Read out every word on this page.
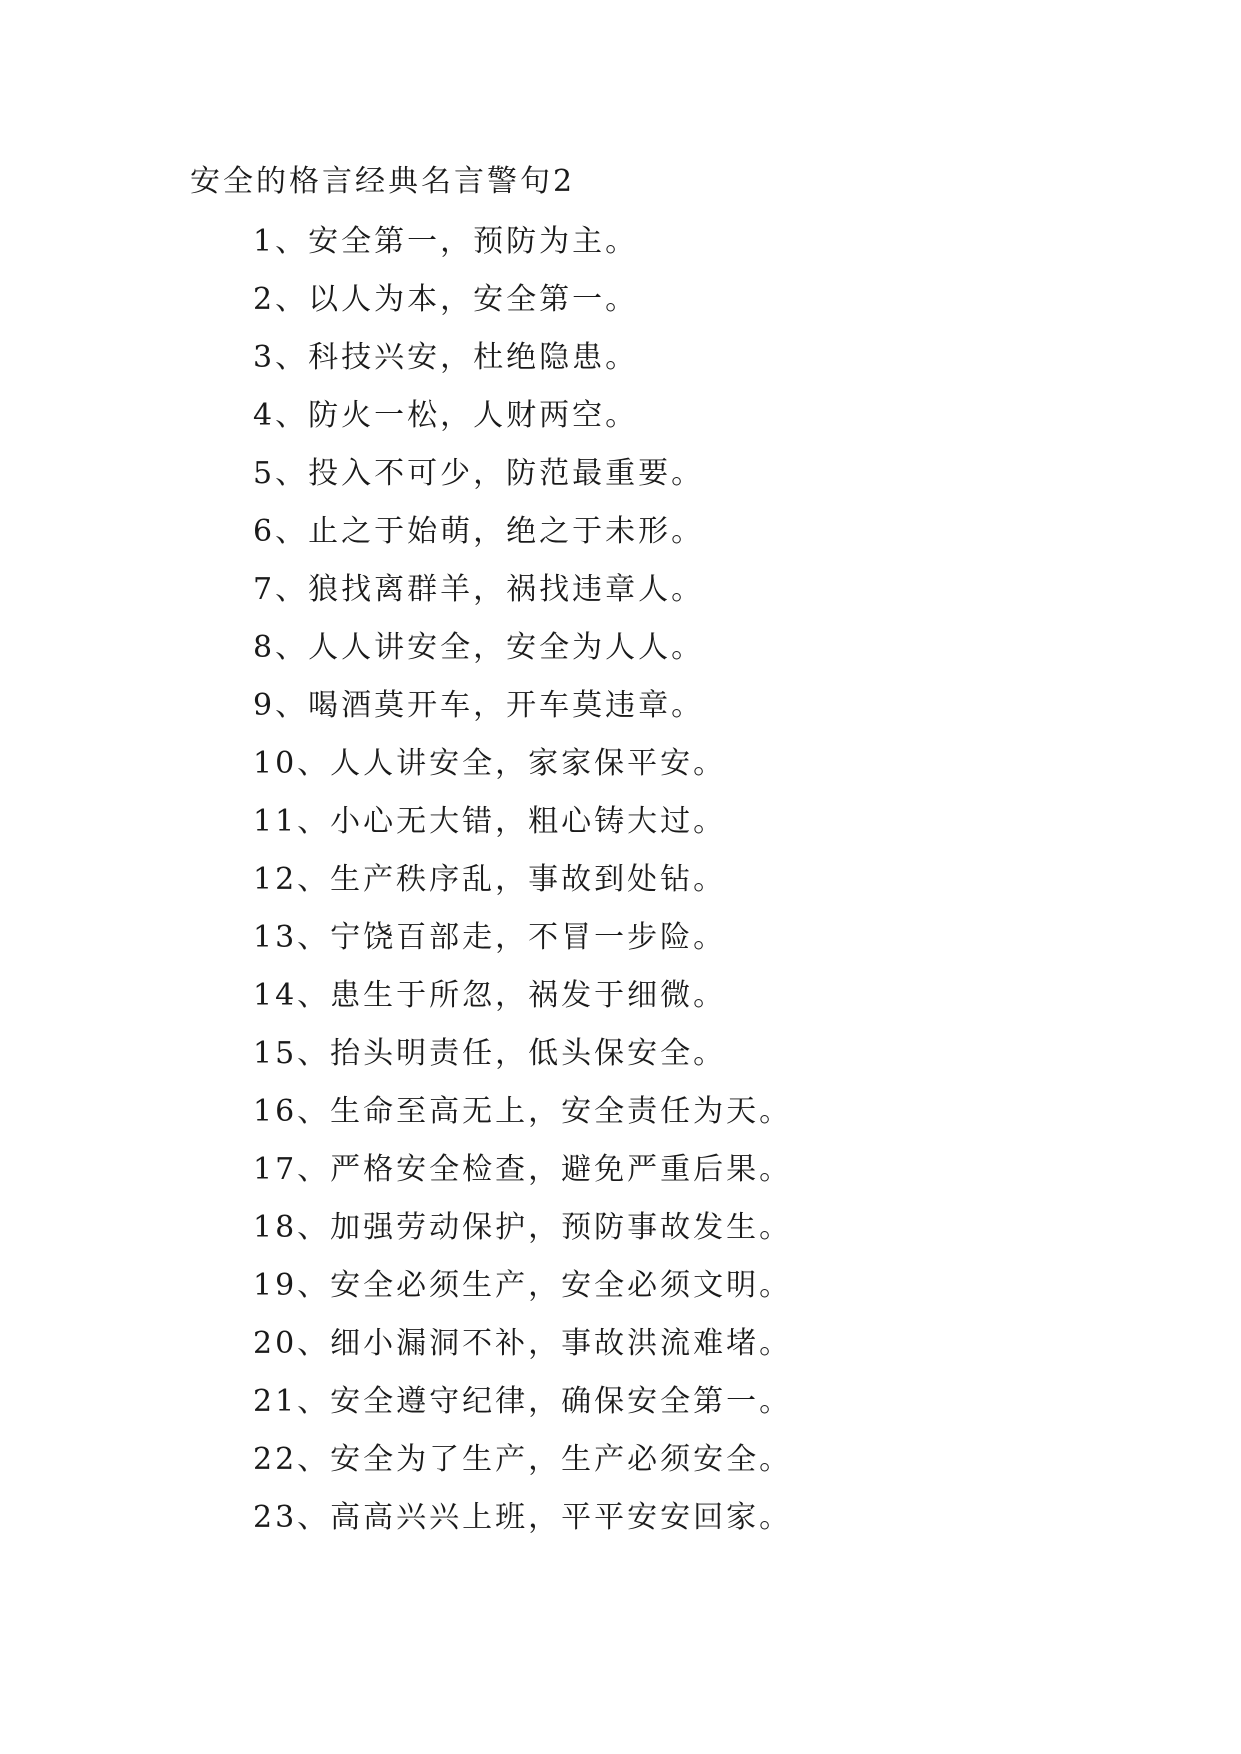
安全的格言经典名言警句2
1、安全第一，预防为主。
2、以人为本，安全第一。
3、科技兴安，杜绝隐患。
4、防火一松，人财两空。
5、投入不可少，防范最重要。
6、止之于始萌，绝之于未形。
7、狼找离群羊，祸找违章人。
8、人人讲安全，安全为人人。
9、喝酒莫开车，开车莫违章。
10、人人讲安全，家家保平安。
11、小心无大错，粗心铸大过。
12、生产秩序乱，事故到处钻。
13、宁饶百部走，不冒一步险。
14、患生于所忽，祸发于细微。
15、抬头明责任，低头保安全。
16、生命至高无上，安全责任为天。
17、严格安全检查，避免严重后果。
18、加强劳动保护，预防事故发生。
19、安全必须生产，安全必须文明。
20、细小漏洞不补，事故洪流难堵。
21、安全遵守纪律，确保安全第一。
22、安全为了生产，生产必须安全。
23、高高兴兴上班，平平安安回家。
